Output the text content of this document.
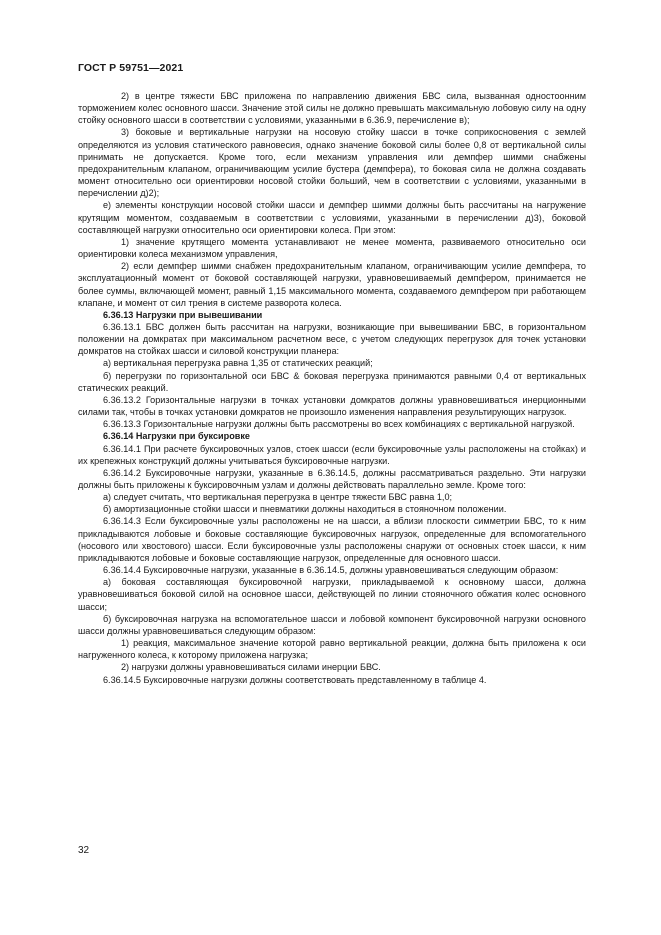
ГОСТ Р 59751—2021

2) в центре тяжести БВС приложена по направлению движения БВС сила, вызванная одностоонним торможением колес основного шасси. Значение этой силы не должно превышать максимальную лобовую силу на одну стойку основного шасси в соответствии с условиями, указанными в 6.36.9, перечисление в);

3) боковые и вертикальные нагрузки на носовую стойку шасси в точке соприкосновения с землей определяются из условия статического равновесия, однако значение боковой силы более 0,8 от вертикальной силы принимать не допускается. Кроме того, если механизм управления или демпфер шимми снабжены предохранительным клапаном, ограничивающим усилие бустера (демпфера), то боковая сила не должна создавать момент относительно оси ориентировки носовой стойки больший, чем в соответствии с условиями, указанными в перечислении д)2);

е) элементы конструкции носовой стойки шасси и демпфер шимми должны быть рассчитаны на нагружение крутящим моментом, создаваемым в соответствии с условиями, указанными в перечислении д)3), боковой составляющей нагрузки относительно оси ориентировки колеса. При этом:

1) значение крутящего момента устанавливают не менее момента, развиваемого относительно оси ориентировки колеса механизмом управления,

2) если демпфер шимми снабжен предохранительным клапаном, ограничивающим усилие демпфера, то эксплуатационный момент от боковой составляющей нагрузки, уравновешиваемый демпфером, принимается не более суммы, включающей момент, равный 1,15 максимального момента, создаваемого демпфером при работающем клапане, и момент от сил трения в системе разворота колеса.

6.36.13 Нагрузки при вывешивании

6.36.13.1 БВС должен быть рассчитан на нагрузки, возникающие при вывешивании БВС, в горизонтальном положении на домкратах при максимальном расчетном весе, с учетом следующих перегрузок для точек установки домкратов на стойках шасси и силовой конструкции планера:

а) вертикальная перегрузка равна 1,35 от статических реакций;

б) перегрузки по горизонтальной оси БВС & боковая перегрузка принимаются равными 0,4 от вертикальных статических реакций.

6.36.13.2 Горизонтальные нагрузки в точках установки домкратов должны уравновешиваться инерционными силами так, чтобы в точках установки домкратов не произошло изменения направления результирующих нагрузок.

6.36.13.3 Горизонтальные нагрузки должны быть рассмотрены во всех комбинациях с вертикальной нагрузкой.

6.36.14 Нагрузки при буксировке

6.36.14.1 При расчете буксировочных узлов, стоек шасси (если буксировочные узлы расположены на стойках) и их крепежных конструкций должны учитываться буксировочные нагрузки.

6.36.14.2 Буксировочные нагрузки, указанные в 6.36.14.5, должны рассматриваться раздельно. Эти нагрузки должны быть приложены к буксировочным узлам и должны действовать параллельно земле. Кроме того:

а) следует считать, что вертикальная перегрузка в центре тяжести БВС равна 1,0;

б) амортизационные стойки шасси и пневматики должны находиться в стояночном положении.

6.36.14.3 Если буксировочные узлы расположены не на шасси, а вблизи плоскости симметрии БВС, то к ним прикладываются лобовые и боковые составляющие буксировочных нагрузок, определенные для вспомогательного (носового или хвостового) шасси. Если буксировочные узлы расположены снаружи от основных стоек шасси, к ним прикладываются лобовые и боковые составляющие нагрузок, определенные для основного шасси.

6.36.14.4 Буксировочные нагрузки, указанные в 6.36.14.5, должны уравновешиваться следующим образом:

а) боковая составляющая буксировочной нагрузки, прикладываемой к основному шасси, должна уравновешиваться боковой силой на основное шасси, действующей по линии стояночного обжатия колес основного шасси;

б) буксировочная нагрузка на вспомогательное шасси и лобовой компонент буксировочной нагрузки основного шасси должны уравновешиваться следующим образом:

1) реакция, максимальное значение которой равно вертикальной реакции, должна быть приложена к оси нагруженного колеса, к которому приложена нагрузка;

2) нагрузки должны уравновешиваться силами инерции БВС.

6.36.14.5 Буксировочные нагрузки должны соответствовать представленному в таблице 4.

32
